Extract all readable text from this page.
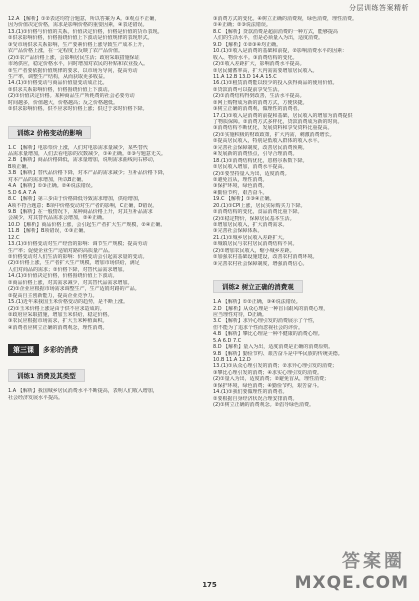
分层训练答案精析
12.A 【解析】①②表述均符合题意，所以答案为 A。③观点不正确，
因为价值决定价格，需求是影响价格的重要因素，④表述错误。
13.(1)①价格与价值的关系。价值决定价格，价格是价值的货币表现。
②供求影响价格，价格围绕价值上下波动是价值规律的表现形式。
③受市场供求关系影响，生产要素价格上涨导致生产成本上升，
农产品价格上涨，在一定程度上反映了农产品价值。
(2)①农产品价格上涨，会影响居民生活；政府采取措施保证
市场供应，稳定价格水平，同时增加对农民的补贴和农业投入。
②生产者要依据价值规律的要求，以市场为导向，提高劳动
生产率，调整生产结构，从而获取更多收益。
14.(1)①价格变动与商品价值量变动成正比。
②供求关系影响价格，价格围绕价值上下波动。
(2)①价值决定价格。某种商品生产所耗费的社会必要劳动
时间越多，价值越大，价格越高；反之价格越低。
②供求影响价格。供不应求时价格上涨；供过于求时价格下降。
训练2 价格变动的影响
1.C 【解析】电影票价上涨，人们对电影需求量减少，某些替代
品需求量增加，人们去看电影的次数减少，①④正确。②③与题意无关。
2.B 【解析】商品价格降低，需求量增加，说明需求曲线向右移动，
B项正确。
3.B 【解析】替代品价格下降，对本产品的需求减少；互补品价格下降，
对本产品的需求增加，所以B正确。
4.A 【解析】①③正确。②④说法错误。
5.D 6.A 7.A
8.C 【解析】第三步由于价格降低导致需求增加，供给增加，
A项不符合题意；B项中价格变动对生产者的影响，C正确，D错误。
9.B 【解析】在一般情况下，某种商品价格上升，对其互补品需求
会减少，对其替代品需求会增加，②④正确。
10.D 【解析】商品价格上涨，会引起生产者扩大生产规模，②④正确。
11.B 【解析】B项错误，①③正确。
12.C
13.(1)①价格变动对生产经营的影响：调节生产规模；提高劳动
生产率；促使企业生产适销对路的高质量产品。
②价格变动对人们生活的影响：价格变动会引起需求量的变动。
(2)①价格上涨，生产者扩大生产规模，增加市场供给，满足
人们对商品的需求；②价格下降，对替代品需求增加。
14.(1)①价值决定价格，价格围绕价值上下波动。
②商品价格上涨，对其需求减少，对其替代品需求增加。
(2)①企业应根据市场需求调整生产，生产适销对路的产品。
②提高自主创新能力，提高企业竞争力。
15.(1)近年来我国玉米价格变动的趋势，是不断上涨。
(2)①玉米价格上涨是由于供不应求造成的。
②政府应采取措施，增加玉米供给，稳定价格。
③农民应根据市场需求，扩大玉米种植面积。
④消费者应树立正确的消费观念，理性消费。
第三课 多彩的消费
训练1 消费及其类型
1.A 【解析】我国城乡居民消费水平不断提高，表明人们收入增加，
社会经济发展水平提高。
③消费方式的变化。④树立正确的消费观，绿色消费，理性消费。
①④正确；②③说法错误。
8.C 【解析】贷款消费是超前消费的一种方式，能够提高
人们的生活水平，但是必须量入为出，适度消费。
9.D 【解析】①②③④均正确。
10.(1)①收入是消费的基础和前提，②影响消费水平的因素：
收入、物价水平。③消费结构的变化。
(2)①收入差距扩大，影响消费水平提高。
②居民储蓄率高，扩大内需需要增加居民收入。
11.A 12.B 13.D 14.A 15.C
16.(1)①租赁消费能以较少的投入获得商品的使用价值。
②贷款消费可以提前享受生活。
(2)①消费结构得到改善，生活水平提高。
②网上购物成为新的消费方式，方便快捷。
③树立正确的消费观，做理性的消费者。
17.(1)①收入是消费的前提和基础，居民收入的增加为消费提供
了物质保障。②消费方式多样化，贷款消费成为新的时尚。
③消费结构不断优化，发展资料和享受资料比重提高。
(2)①实施积极的财政政策，扩大内需，刺激消费增长。
②提高居民收入，特别是低收入群体的收入水平。
③完善社会保障制度，改善居民消费预期。
④发展新的消费热点，引导合理消费。
18.(1)①消费结构优化，恩格尔系数下降。
②居民收入增加，消费水平提高。
(2)①要坚持量入为出，适度消费。
②避免盲从，理性消费。
③保护环境，绿色消费。
④勤俭节约，艰苦奋斗。
19.C 【解析】①③④正确。
20.(1)①CPI上涨，居民实际购买力下降。
②消费结构的变化，食品消费比重下降。
(2)①稳定物价，保障居民基本生活。
②增加居民收入，扩大消费需求。
③完善社会保障体系。
21.(1)①城乡居民收入差距扩大。
②城镇居民与农村居民消费结构不同。
(2)①增加农民收入，缩小城乡差距。
②加强农村基础设施建设，改善农村消费环境。
③完善农村社会保障制度，增强消费信心。
训练2 树立正确的消费观
1.A 【解析】①②正确，③④说法错误。
2.D 【解析】从众心理是一种盲目跟风的消费心理，
应当理性对待，D正确。
3.C 【解析】求异心理引发的消费展示了个性，
但不能为了追求个性而忽视社会的评价。
4.B 【解析】攀比心理是一种不健康的消费心理。
5.A 6.D 7.C
8.D 【解析】量入为出，适度消费是正确的消费原则。
9.B 【解析】勤俭节约、艰苦奋斗是中华民族的传统美德。
10.B 11.A 12.D
13.(1)①从众心理引发的消费；②求异心理引发的消费；
③攀比心理引发的消费；④求实心理引发的消费。
(2)①量入为出，适度消费；②避免盲从，理性消费；
③保护环境，绿色消费；④勤俭节约，艰苦奋斗。
14.(1)①我们要做理性的消费者。
②要根据自身经济状况合理安排消费。
(2)①树立正确的消费观念。②倡导绿色消费。
175
答案圈
MXQE.COM
